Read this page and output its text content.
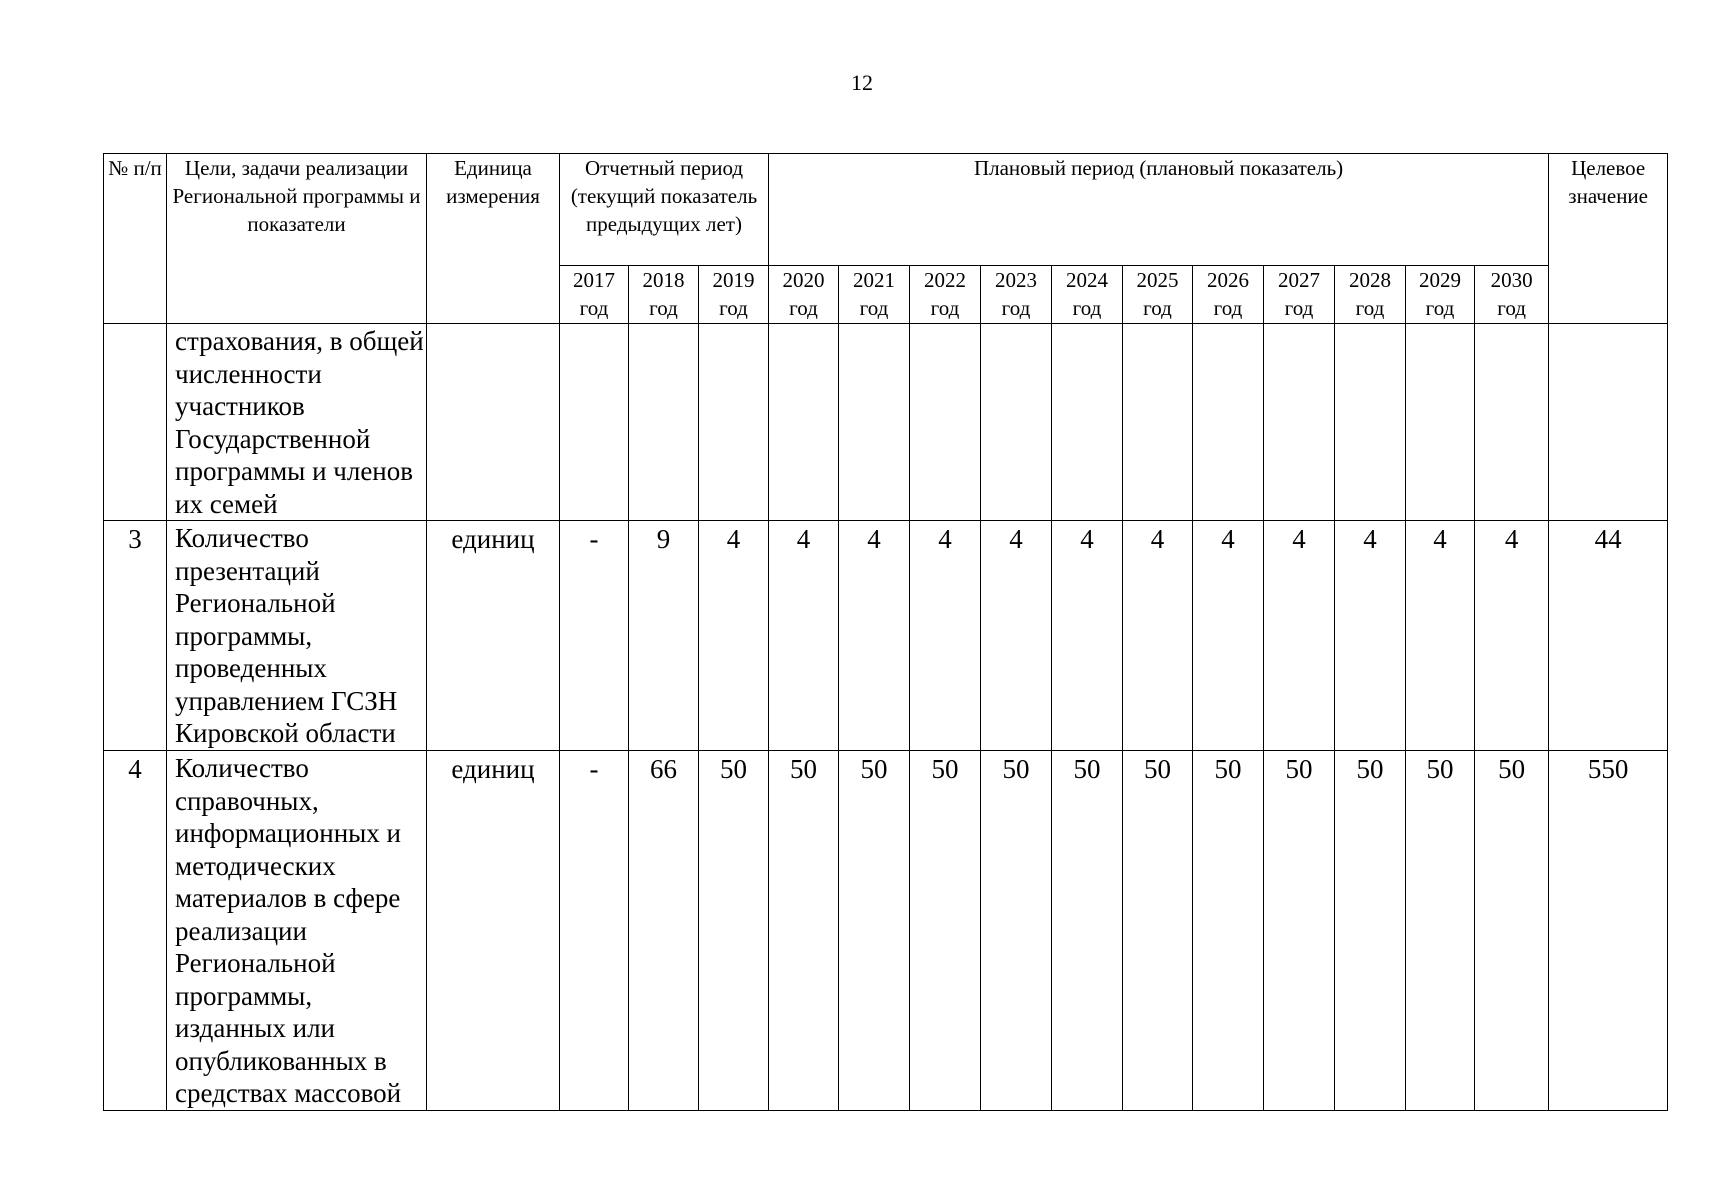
12
№ п/п	Цели, задачи реализации Региональной программы и показатели	Единица измерения	Отчетный период (текущий показатель предыдущих лет)			Плановый период (плановый показатель)											Целевое значение
			2017 год	2018 год	2019 год	2020 год	2021 год	2022 год	2023 год	2024 год	2025 год	2026 год	2027 год	2028 год	2029 год	2030 год	
	страхования, в общей численности участников Государственной программы и членов их семей																
3	Количество презентаций Региональной программы, проведенных управлением ГСЗН Кировской области	единиц	-	9	4	4	4	4	4	4	4	4	4	4	4	4	44
4	Количество справочных, информационных и методических материалов в сфере реализации Региональной программы, изданных или опубликованных в средствах массовой	единиц	-	66	50	50	50	50	50	50	50	50	50	50	50	50	550
